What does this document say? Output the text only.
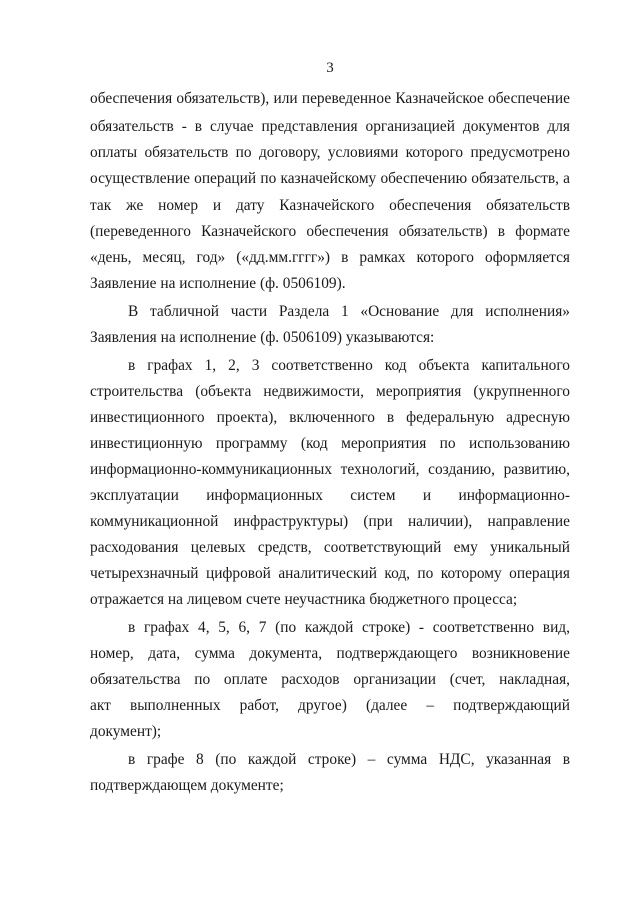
3
обеспечения обязательств), или переведенное Казначейское обеспечение
обязательств - в случае представления организацией документов для
оплаты обязательств по договору, условиями которого предусмотрено
осуществление операций по казначейскому обеспечению обязательств, а
так же номер и дату Казначейского обеспечения обязательств
(переведенного Казначейского обеспечения обязательств) в формате
«день, месяц, год» («дд.мм.гггг») в рамках которого оформляется
Заявление на исполнение (ф. 0506109).
В табличной части Раздела 1 «Основание для исполнения»
Заявления на исполнение (ф. 0506109) указываются:
в графах 1, 2, 3 соответственно код объекта капитального
строительства (объекта недвижимости, мероприятия (укрупненного
инвестиционного проекта), включенного в федеральную адресную
инвестиционную программу (код мероприятия по использованию
информационно-коммуникационных технологий, созданию, развитию,
эксплуатации информационных систем и информационно-
коммуникационной инфраструктуры) (при наличии), направление
расходования целевых средств, соответствующий ему уникальный
четырехзначный цифровой аналитический код, по которому операция
отражается на лицевом счете неучастника бюджетного процесса;
в графах 4, 5, 6, 7 (по каждой строке) - соответственно вид,
номер, дата, сумма документа, подтверждающего возникновение
обязательства по оплате расходов организации (счет, накладная,
акт выполненных работ, другое) (далее – подтверждающий
документ);
в графе 8 (по каждой строке) – сумма НДС, указанная в
подтверждающем документе;
